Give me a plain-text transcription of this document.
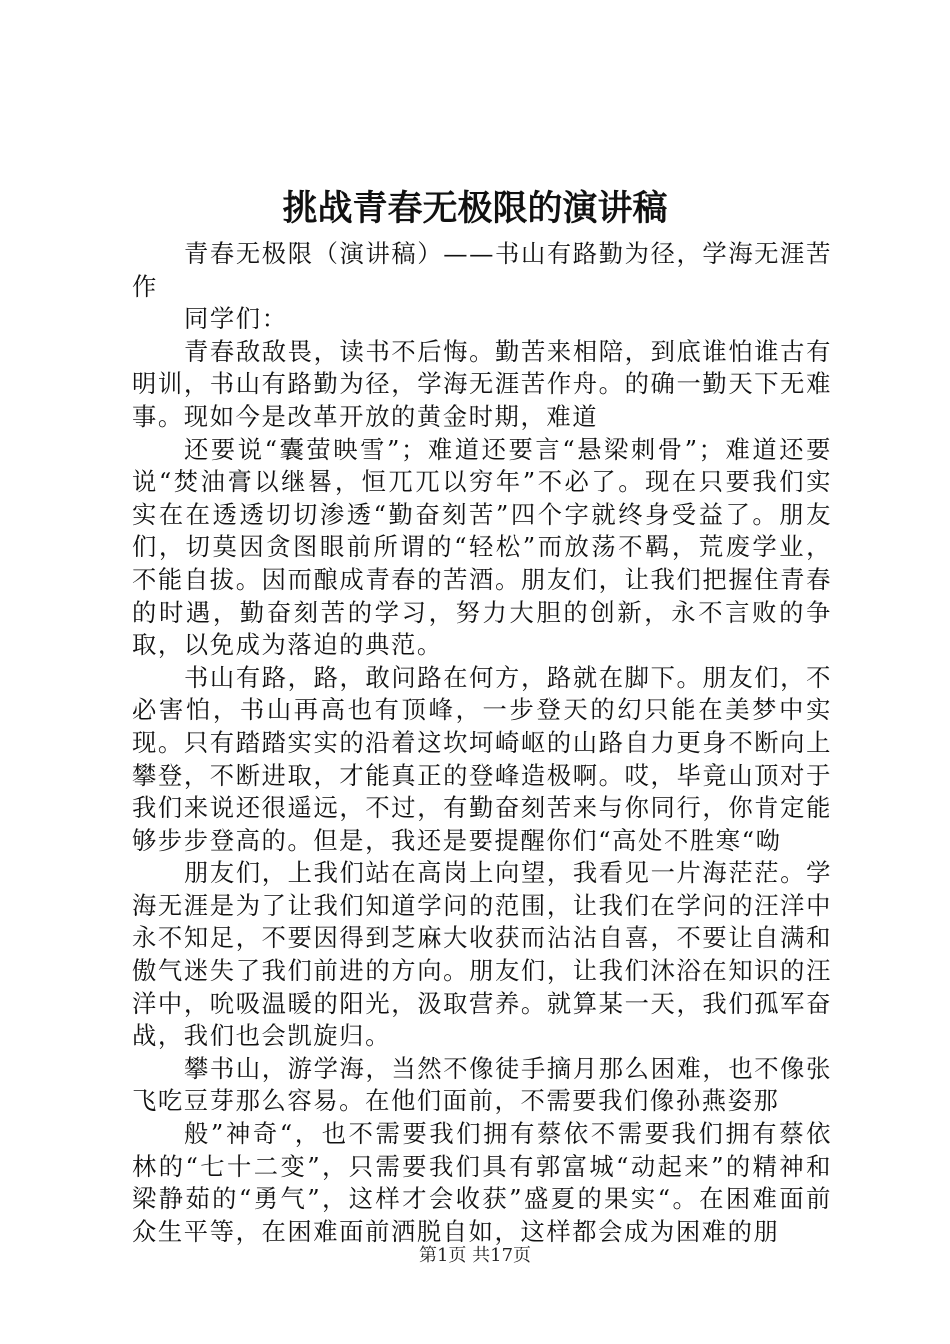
挑战青春无极限的演讲稿

青春无极限（演讲稿）——书山有路勤为径，学海无涯苦作

同学们：

青春敌敌畏，读书不后悔。勤苦来相陪，到底谁怕谁古有明训，书山有路勤为径，学海无涯苦作舟。的确一勤天下无难事。现如今是改革开放的黄金时期，难道

还要说“囊萤映雪”；难道还要言“悬梁刺骨”；难道还要说“焚油膏以继晷，恒兀兀以穷年”不必了。现在只要我们实实在在透透切切渗透“勤奋刻苦”四个字就终身受益了。朋友们，切莫因贪图眼前所谓的“轻松”而放荡不羁，荒废学业，不能自拔。因而酿成青春的苦酒。朋友们，让我们把握住青春的时遇，勤奋刻苦的学习，努力大胆的创新，永不言败的争取，以免成为落迫的典范。

书山有路，路，敢问路在何方，路就在脚下。朋友们，不必害怕，书山再高也有顶峰，一步登天的幻只能在美梦中实现。只有踏踏实实的沿着这坎坷崎岖的山路自力更身不断向上攀登，不断进取，才能真正的登峰造极啊。哎，毕竟山顶对于我们来说还很遥远，不过，有勤奋刻苦来与你同行，你肯定能够步步登高的。但是，我还是要提醒你们“高处不胜寒“呦

朋友们，上我们站在高岗上向望，我看见一片海茫茫。学海无涯是为了让我们知道学问的范围，让我们在学问的汪洋中永不知足，不要因得到芝麻大收获而沾沾自喜，不要让自满和傲气迷失了我们前进的方向。朋友们，让我们沐浴在知识的汪洋中，吮吸温暖的阳光，汲取营养。就算某一天，我们孤军奋战，我们也会凯旋归。

攀书山，游学海，当然不像徒手摘月那么困难，也不像张飞吃豆芽那么容易。在他们面前，不需要我们像孙燕姿那

般”神奇“，也不需要我们拥有蔡依不需要我们拥有蔡依林的“七十二变”，只需要我们具有郭富城“动起来”的精神和梁静茹的“勇气”，这样才会收获”盛夏的果实“。在困难面前众生平等，在困难面前洒脱自如，这样都会成为困难的朋

第1页 共17页
